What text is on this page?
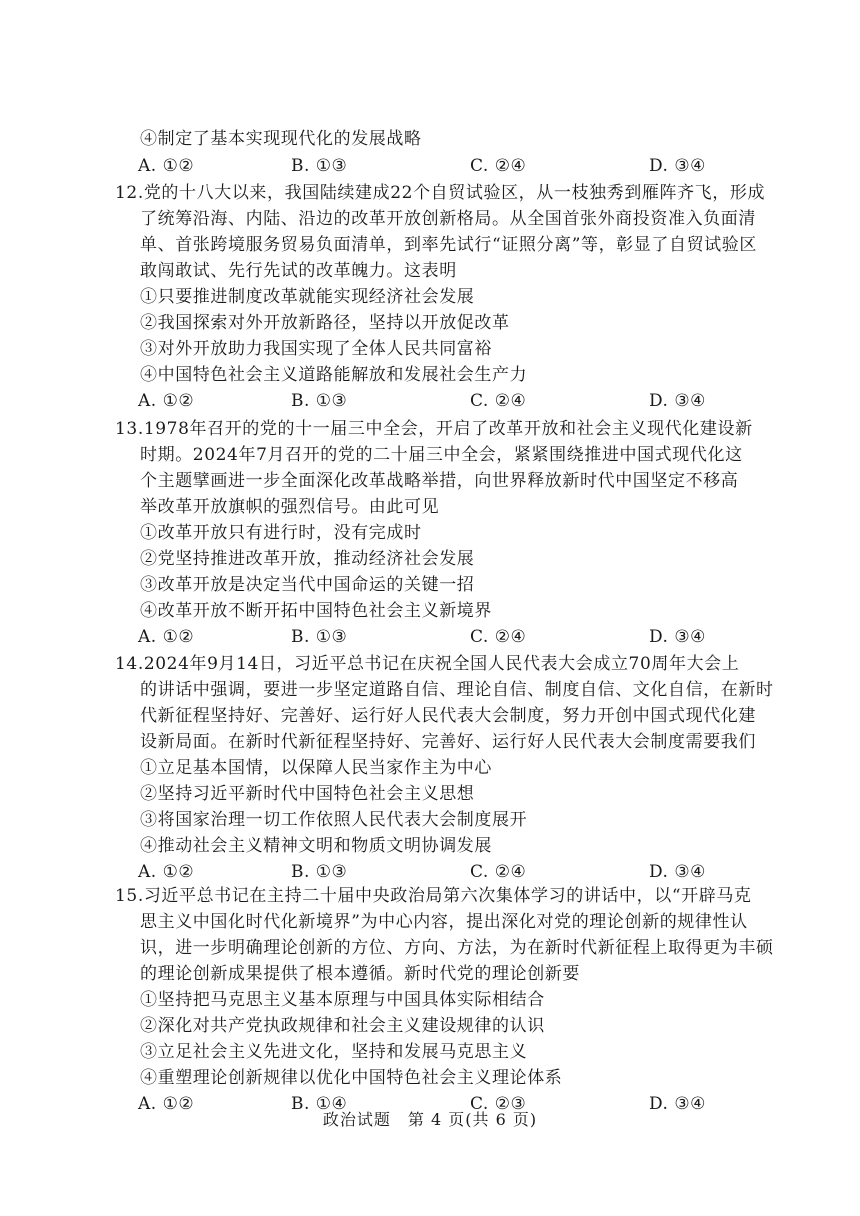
④制定了基本实现现代化的发展战略
A. ①②	B. ①③	C. ②④	D. ③④
12.党的十八大以来，我国陆续建成22个自贸试验区，从一枝独秀到雁阵齐飞，形成
了统筹沿海、内陆、沿边的改革开放创新格局。从全国首张外商投资准入负面清
单、首张跨境服务贸易负面清单，到率先试行“证照分离”等，彰显了自贸试验区
敢闯敢试、先行先试的改革魄力。这表明
①只要推进制度改革就能实现经济社会发展
②我国探索对外开放新路径，坚持以开放促改革
③对外开放助力我国实现了全体人民共同富裕
④中国特色社会主义道路能解放和发展社会生产力
A. ①②	B. ①③	C. ②④	D. ③④
13.1978年召开的党的十一届三中全会，开启了改革开放和社会主义现代化建设新
时期。2024年7月召开的党的二十届三中全会，紧紧围绕推进中国式现代化这
个主题擘画进一步全面深化改革战略举措，向世界释放新时代中国坚定不移高
举改革开放旗帜的强烈信号。由此可见
①改革开放只有进行时，没有完成时
②党坚持推进改革开放，推动经济社会发展
③改革开放是决定当代中国命运的关键一招
④改革开放不断开拓中国特色社会主义新境界
A. ①②	B. ①③	C. ②④	D. ③④
14.2024年9月14日，习近平总书记在庆祝全国人民代表大会成立70周年大会上
的讲话中强调，要进一步坚定道路自信、理论自信、制度自信、文化自信，在新时
代新征程坚持好、完善好、运行好人民代表大会制度，努力开创中国式现代化建
设新局面。在新时代新征程坚持好、完善好、运行好人民代表大会制度需要我们
①立足基本国情，以保障人民当家作主为中心
②坚持习近平新时代中国特色社会主义思想
③将国家治理一切工作依照人民代表大会制度展开
④推动社会主义精神文明和物质文明协调发展
A. ①②	B. ①③	C. ②④	D. ③④
15.习近平总书记在主持二十届中央政治局第六次集体学习的讲话中，以“开辟马克
思主义中国化时代化新境界”为中心内容，提出深化对党的理论创新的规律性认
识，进一步明确理论创新的方位、方向、方法，为在新时代新征程上取得更为丰硕
的理论创新成果提供了根本遵循。新时代党的理论创新要
①坚持把马克思主义基本原理与中国具体实际相结合
②深化对共产党执政规律和社会主义建设规律的认识
③立足社会主义先进文化，坚持和发展马克思主义
④重塑理论创新规律以优化中国特色社会主义理论体系
A. ①②	B. ①④	C. ②③	D. ③④
政治试题　第 4 页(共 6 页)
